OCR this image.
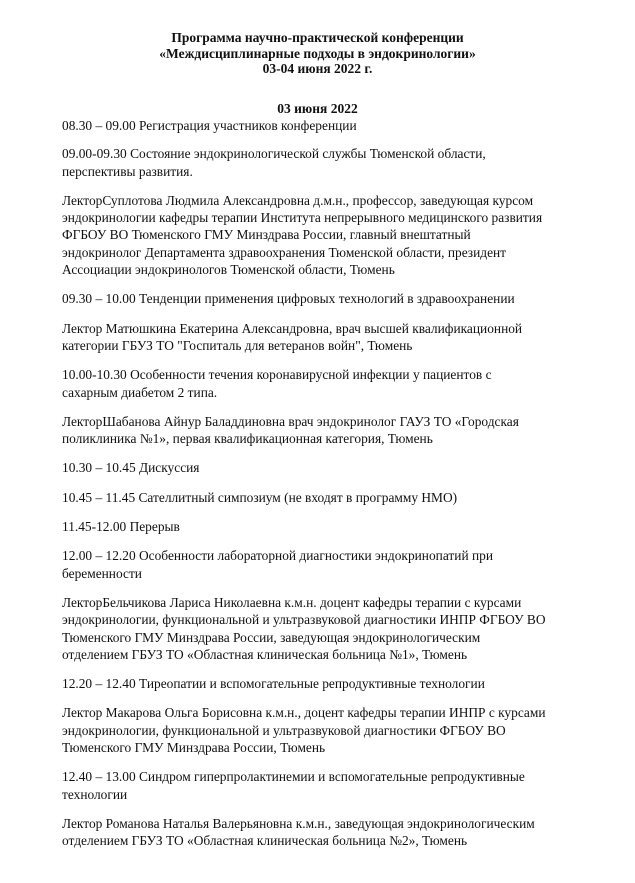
Программа научно-практической конференции
«Междисциплинарные подходы в эндокринологии»
03-04 июня 2022 г.
03 июня 2022
08.30 – 09.00 Регистрация участников конференции
09.00-09.30 Состояние эндокринологической службы Тюменской области,
перспективы развития.
ЛекторСуплотова Людмила Александровна д.м.н., профессор, заведующая курсом
эндокринологии кафедры терапии Института непрерывного медицинского развития
ФГБОУ ВО Тюменского ГМУ Минздрава России, главный внештатный
эндокринолог Департамента здравоохранения Тюменской области, президент
Ассоциации эндокринологов Тюменской области, Тюмень
09.30 – 10.00 Тенденции применения цифровых технологий в здравоохранении
Лектор Матюшкина Екатерина Александровна, врач высшей квалификационной
категории ГБУЗ ТО "Госпиталь для ветеранов войн", Тюмень
10.00-10.30 Особенности течения коронавирусной инфекции у пациентов с
сахарным диабетом 2 типа.
ЛекторШабанова Айнур Баладдиновна врач эндокринолог ГАУЗ ТО «Городская
поликлиника №1», первая квалификационная категория, Тюмень
10.30 – 10.45 Дискуссия
10.45 – 11.45 Сателлитный симпозиум (не входят в программу НМО)
11.45-12.00 Перерыв
12.00 – 12.20 Особенности лабораторной диагностики эндокринопатий при
беременности
ЛекторБельчикова Лариса Николаевна к.м.н. доцент кафедры терапии с курсами
эндокринологии, функциональной и ультразвуковой диагностики ИНПР ФГБОУ ВО
Тюменского ГМУ Минздрава России, заведующая эндокринологическим
отделением ГБУЗ ТО «Областная клиническая больница №1», Тюмень
12.20 – 12.40 Тиреопатии и вспомогательные репродуктивные технологии
Лектор Макарова Ольга Борисовна к.м.н., доцент кафедры терапии ИНПР с курсами
эндокринологии, функциональной и ультразвуковой диагностики ФГБОУ ВО
Тюменского ГМУ Минздрава России, Тюмень
12.40 – 13.00 Синдром гиперпролактинемии и вспомогательные репродуктивные
технологии
Лектор Романова Наталья Валерьяновна к.м.н., заведующая эндокринологическим
отделением ГБУЗ ТО «Областная клиническая больница №2», Тюмень
